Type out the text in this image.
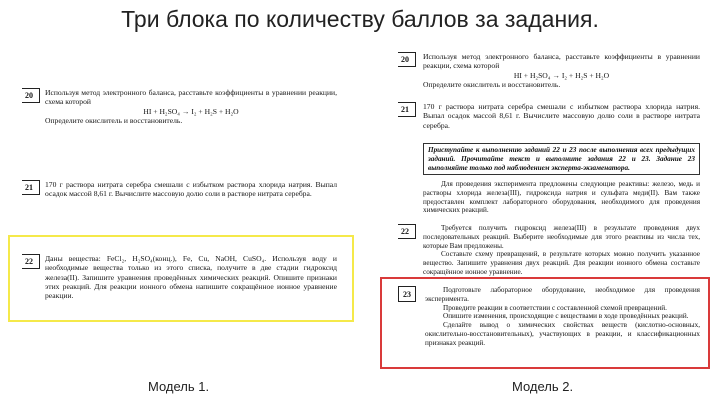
Три блока по количеству баллов за задания.
20	Используя метод электронного баланса, расставьте коэффициенты в уравнении реакции, схема которой

HI + H₂SO₄ → I₂ + H₂S + H₂O

Определите окислитель и восстановитель.

21	170 г раствора нитрата серебра смешали с избытком раствора хлорида натрия. Выпал осадок массой 8,61 г. Вычислите массовую долю соли в растворе нитрата серебра.

22	Даны вещества: FeCl₂, H₂SO₄(конц.), Fe, Cu, NaOH, CuSO₄. Используя воду и необходимые вещества только из этого списка, получите в две стадии гидроксид железа(II). Запишите уравнения проведённых химических реакций. Опишите признаки этих реакций. Для реакции ионного обмена напишите сокращённое ионное уравнение реакции.

20	Используя метод электронного баланса, расставьте коэффициенты в уравнении реакции, схема которой

HI + H₂SO₄ → I₂ + H₂S + H₂O

Определите окислитель и восстановитель.

21	170 г раствора нитрата серебра смешали с избытком раствора хлорида натрия. Выпал осадок массой 8,61 г. Вычислите массовую долю соли в растворе нитрата серебра.

Приступайте к выполнению заданий 22 и 23 после выполнения всех предыдущих заданий. Прочитайте текст и выполните задания 22 и 23. Задание 23 выполняйте только под наблюдением эксперта-экзаменатора.
Для проведения эксперимента предложены следующие реактивы: железо, медь и растворы хлорида железа(III), гидроксида натрия и сульфата меди(II). Вам также предоставлен комплект лабораторного оборудования, необходимого для проведения химических реакций.
22	Требуется получить гидроксид железа(III) в результате проведения двух последовательных реакций. Выберите необходимые для этого реактивы из числа тех, которые Вам предложены.

Составьте схему превращений, в результате которых можно получить указанное вещество. Запишите уравнения двух реакций. Для реакции ионного обмена составьте сокращённое ионное уравнение.

23	Подготовьте лабораторное оборудование, необходимое для проведения эксперимента.

Проведите реакции в соответствии с составленной схемой превращений.

Опишите изменения, происходящие с веществами в ходе проведённых реакций.

Сделайте вывод о химических свойствах веществ (кислотно-основных, окислительно-восстановительных), участвующих в реакции, и классификационных признаках реакций.

Модель 1.	Модель 2.
